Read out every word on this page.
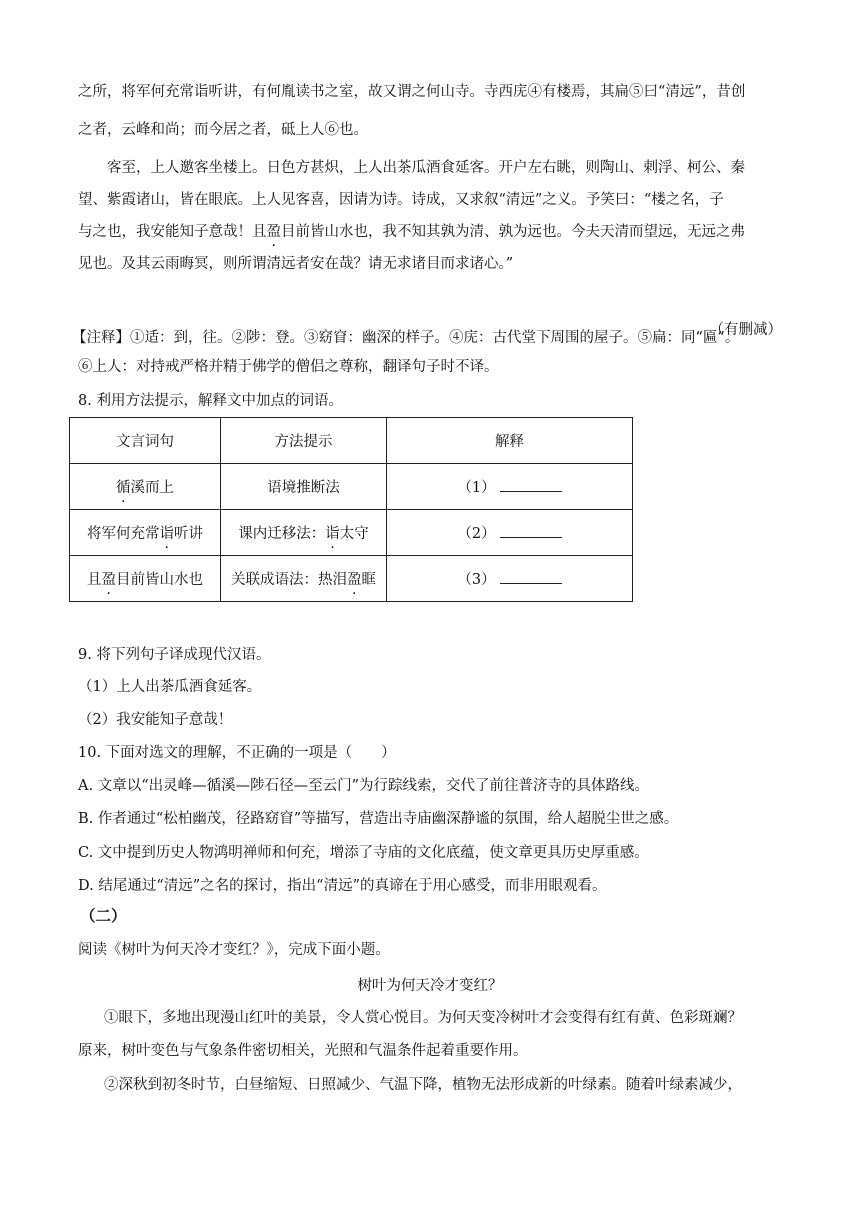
之所，将军何充常诣听讲，有何胤读书之室，故又谓之何山寺。寺西庑④有楼焉，其扁⑤曰“清远”，昔创
之者，云峰和尚；而今居之者，砥上人⑥也。
客至，上人邀客坐楼上。日色方甚炽，上人出茶瓜酒食延客。开户左右眺，则陶山、剌浮、柯公、秦
望、紫霞诸山，皆在眼底。上人见客喜，因请为诗。诗成，又求叙“清远”之义。予笑曰：“楼之名，子
与之也，我安能知子意哉！且盈目前皆山水也，我不知其孰为清、孰为远也。今夫天清而望远，无远之弗
见也。及其云雨晦冥，则所谓清远者安在哉？请无求诸目而求诸心。”
（有删减）
【注释】①适：到，往。②陟：登。③窈窅：幽深的样子。④庑：古代堂下周围的屋子。⑤扁：同“匾”。
⑥上人：对持戒严格并精于佛学的僧侣之尊称，翻译句子时不译。
8. 利用方法提示，解释文中加点的词语。
文言词句	方法提示	解释
循溪而上	语境推断法	（1）
将军何充常诣听讲	课内迁移法：诣太守	（2）
且盈目前皆山水也	关联成语法：热泪盈眶	（3）
9. 将下列句子译成现代汉语。
（1）上人出茶瓜酒食延客。
（2）我安能知子意哉！
10. 下面对选文的理解，不正确的一项是（　　）
A. 文章以“出灵峰—循溪—陟石径—至云门”为行踪线索，交代了前往普济寺的具体路线。
B. 作者通过“松柏幽茂，径路窈窅”等描写，营造出寺庙幽深静谧的氛围，给人超脱尘世之感。
C. 文中提到历史人物鸿明禅师和何充，增添了寺庙的文化底蕴，使文章更具历史厚重感。
D. 结尾通过“清远”之名的探讨，指出“清远”的真谛在于用心感受，而非用眼观看。
（二）
阅读《树叶为何天冷才变红？》，完成下面小题。
树叶为何天冷才变红？
①眼下，多地出现漫山红叶的美景，令人赏心悦目。为何天变冷树叶才会变得有红有黄、色彩斑斓？
原来，树叶变色与气象条件密切相关，光照和气温条件起着重要作用。
②深秋到初冬时节，白昼缩短、日照减少、气温下降，植物无法形成新的叶绿素。随着叶绿素减少，
